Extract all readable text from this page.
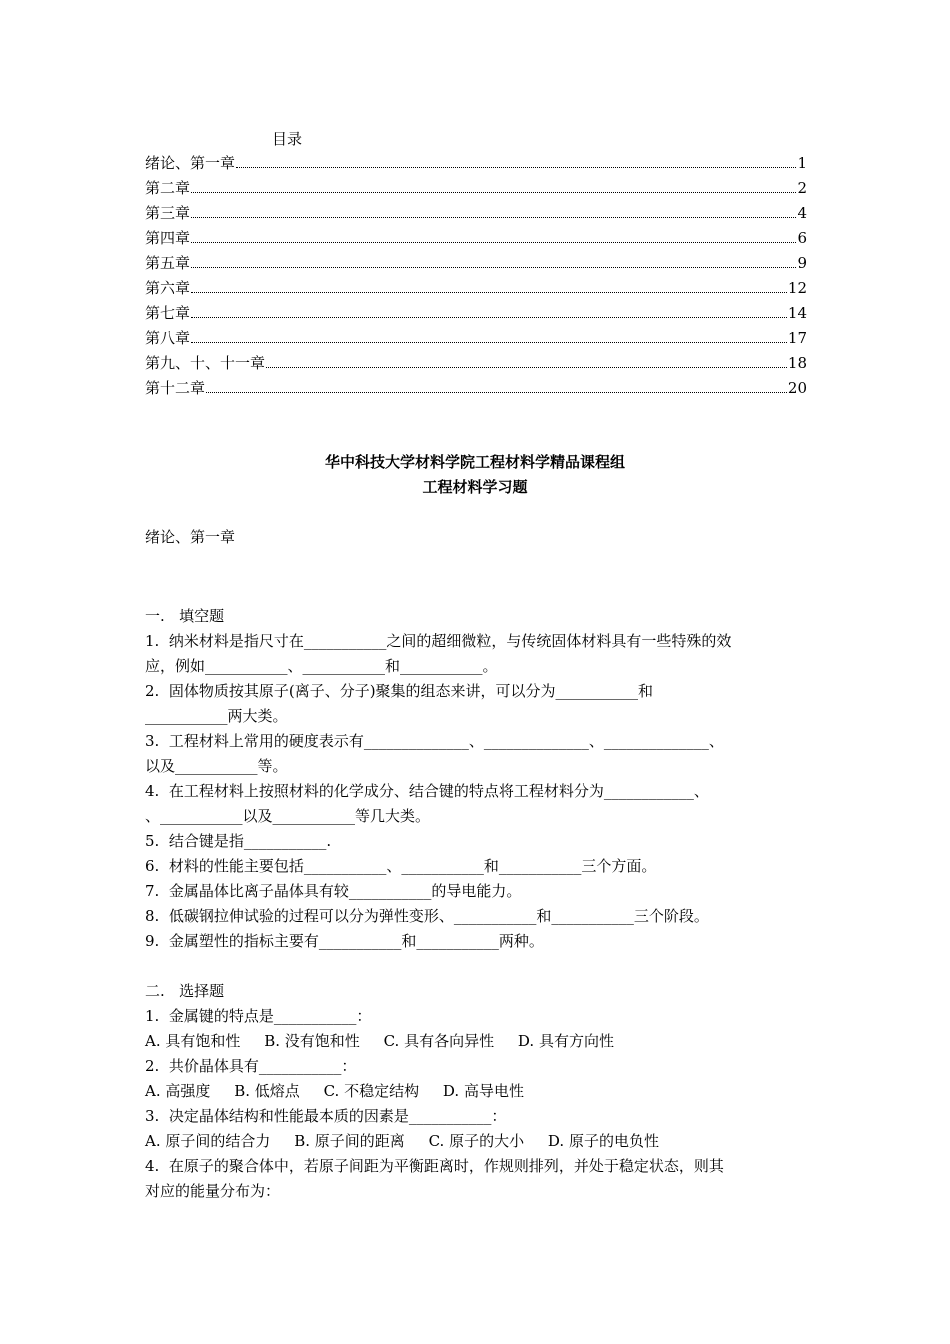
目录
绪论、第一章	1
第二章	2
第三章	4
第四章	6
第五章	9
第六章	12
第七章	14
第八章	17
第九、十、十一章	18
第十二章	20
华中科技大学材料学院工程材料学精品课程组
工程材料学习题
绪论、第一章
一.   填空题
1.  纳米材料是指尺寸在___________之间的超细微粒，与传统固体材料具有一些特殊的效
应，例如___________、___________和___________。
2.  固体物质按其原子(离子、分子)聚集的组态来讲，可以分为___________和
___________两大类。
3.  工程材料上常用的硬度表示有______________、______________、______________、
以及___________等。
4.  在工程材料上按照材料的化学成分、结合键的特点将工程材料分为____________、
、___________以及___________等几大类。
5.  结合键是指___________.
6.  材料的性能主要包括___________、___________和___________三个方面。
7.  金属晶体比离子晶体具有较___________的导电能力。
8.  低碳钢拉伸试验的过程可以分为弹性变形、___________和___________三个阶段。
9.  金属塑性的指标主要有___________和___________两种。
二.   选择题
1.  金属键的特点是___________：
A. 具有饱和性     B. 没有饱和性     C. 具有各向异性     D. 具有方向性
2.  共价晶体具有___________：
A. 高强度     B. 低熔点     C. 不稳定结构     D. 高导电性
3.  决定晶体结构和性能最本质的因素是___________：
A. 原子间的结合力     B. 原子间的距离     C. 原子的大小     D. 原子的电负性
4.  在原子的聚合体中，若原子间距为平衡距离时，作规则排列，并处于稳定状态，则其
对应的能量分布为：
